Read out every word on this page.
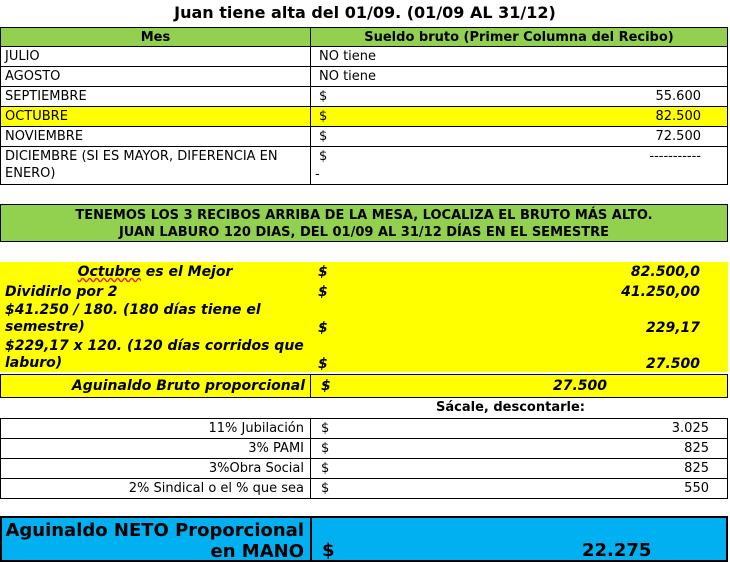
Juan tiene alta del 01/09. (01/09 AL 31/12)
Mes	Sueldo bruto (Primer Columna del Recibo)
JULIO	NO tiene

AGOSTO	NO tiene

SEPTIEMBRE	$ 55.600

OCTUBRE	$ 82.500

NOVIEMBRE	$ 72.500

DICIEMBRE (SI ES MAYOR, DIFERENCIA EN ENERO)	$ -----------
-
TENEMOS LOS 3 RECIBOS ARRIBA DE LA MESA, LOCALIZA EL BRUTO MÁS ALTO.
JUAN LABURO 120 DIAS, DEL 01/09 AL 31/12 DÍAS EN EL SEMESTRE
Octubre es el Mejor	$	82.500,0
Dividirlo por 2	$	41.250,00
$41.250 / 180. (180 días tiene el semestre)	$	229,17
$229,17 x 120. (120 días corridos que laburo)	$	27.500
Aguinaldo Bruto proporcional $	27.500
Sácale, descontarle:
11% Jubilación	$ 3.025

3% PAMI	$ 825

3%Obra Social	$ 825

2% Sindical o el % que sea	$ 550
Aguinaldo NETO Proporcional
en MANO $	22.275
